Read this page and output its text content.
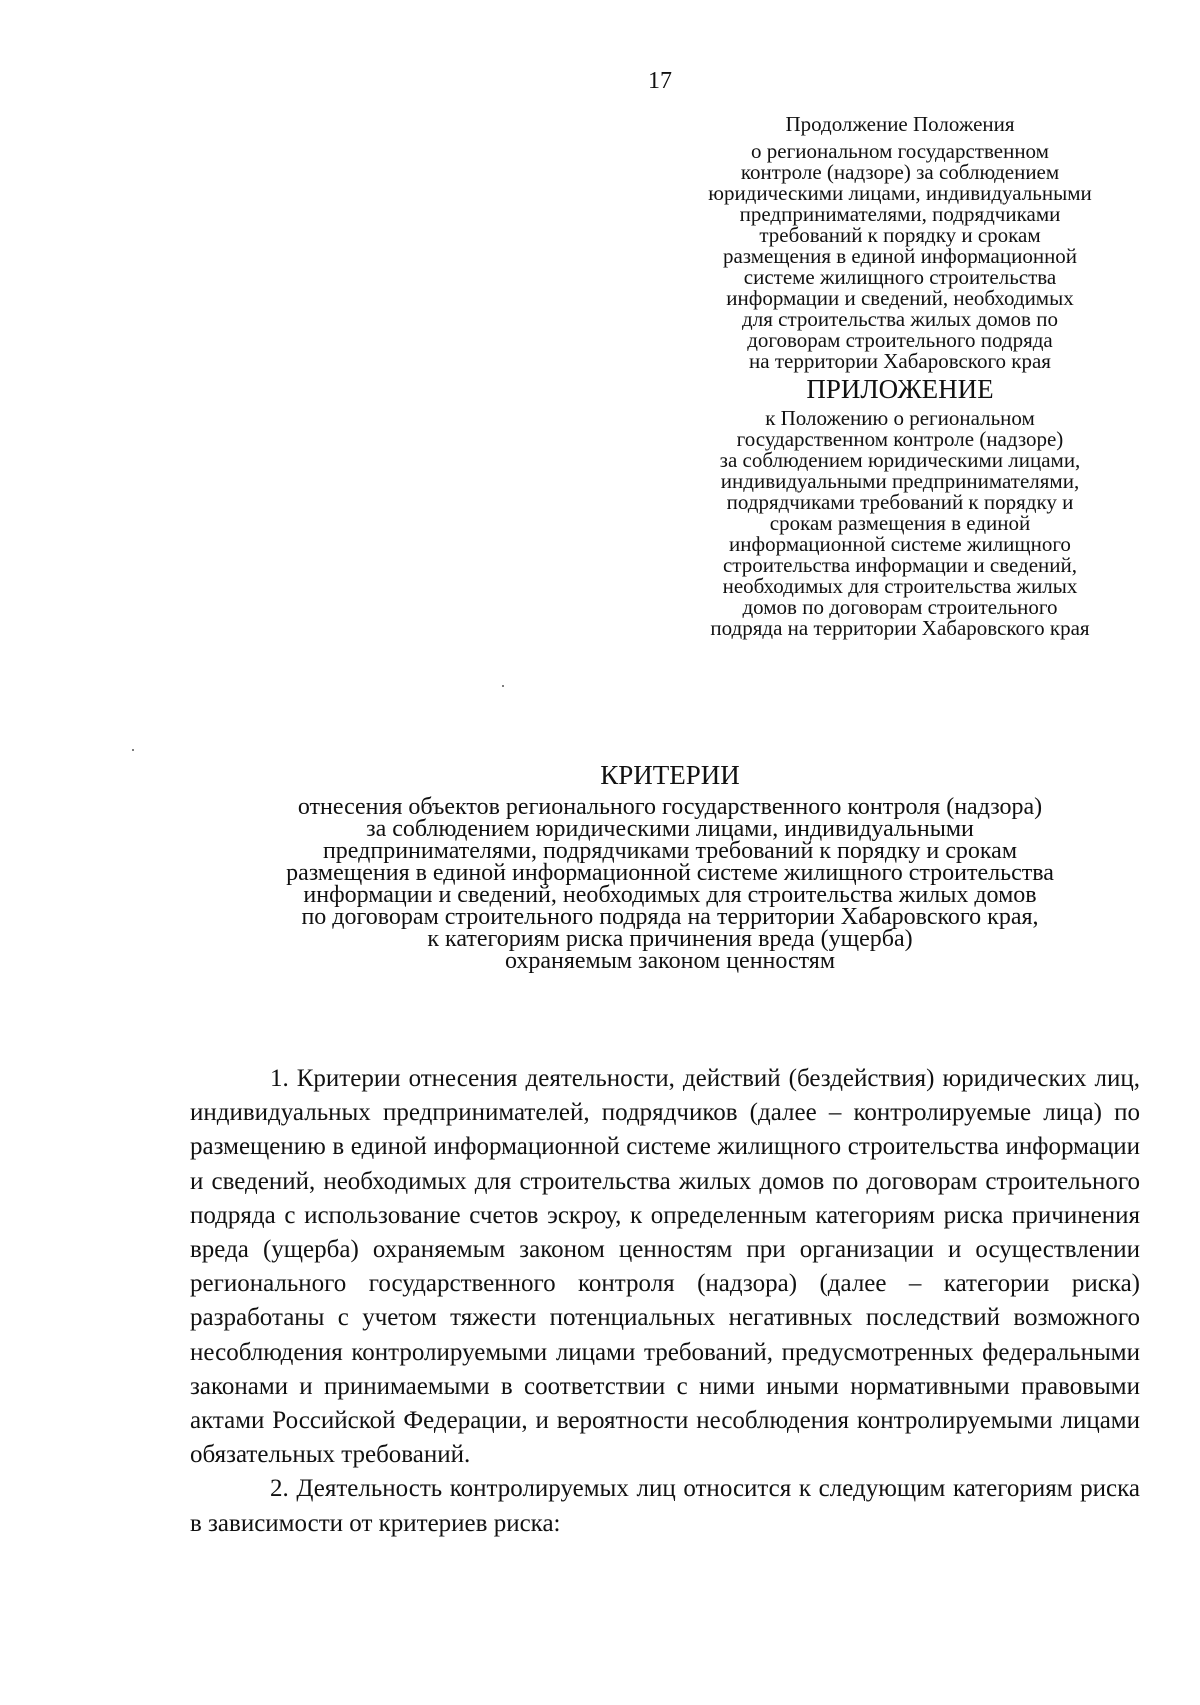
17
Продолжение Положения
о региональном государственном
контроле (надзоре) за соблюдением
юридическими лицами, индивидуальными
предпринимателями, подрядчиками
требований к порядку и срокам
размещения в единой информационной
системе жилищного строительства
информации и сведений, необходимых
для строительства жилых домов по
договорам строительного подряда
на территории Хабаровского края
ПРИЛОЖЕНИЕ
к Положению о региональном
государственном контроле (надзоре)
за соблюдением юридическими лицами,
индивидуальными предпринимателями,
подрядчиками требований к порядку и
срокам размещения в единой
информационной системе жилищного
строительства информации и сведений,
необходимых для строительства жилых
домов по договорам строительного
подряда на территории Хабаровского края
КРИТЕРИИ
отнесения объектов регионального государственного контроля (надзора)
за соблюдением юридическими лицами, индивидуальными
предпринимателями, подрядчиками требований к порядку и срокам
размещения в единой информационной системе жилищного строительства
информации и сведений, необходимых для строительства жилых домов
по договорам строительного подряда на территории Хабаровского края,
к категориям риска причинения вреда (ущерба)
охраняемым законом ценностям

1. Критерии отнесения деятельности, действий (бездействия) юридических лиц, индивидуальных предпринимателей, подрядчиков (далее – контролируемые лица) по размещению в единой информационной системе жилищного строительства информации и сведений, необходимых для строительства жилых домов по договорам строительного подряда с использование счетов эскроу, к определенным категориям риска причинения вреда (ущерба) охраняемым законом ценностям при организации и осуществлении регионального государственного контроля (надзора) (далее – категории риска) разработаны с учетом тяжести потенциальных негативных последствий возможного несоблюдения контролируемыми лицами требований, предусмотренных федеральными законами и принимаемыми в соответствии с ними иными нормативными правовыми актами Российской Федерации, и вероятности несоблюдения контролируемыми лицами обязательных требований.

2. Деятельность контролируемых лиц относится к следующим категориям риска в зависимости от критериев риска:
